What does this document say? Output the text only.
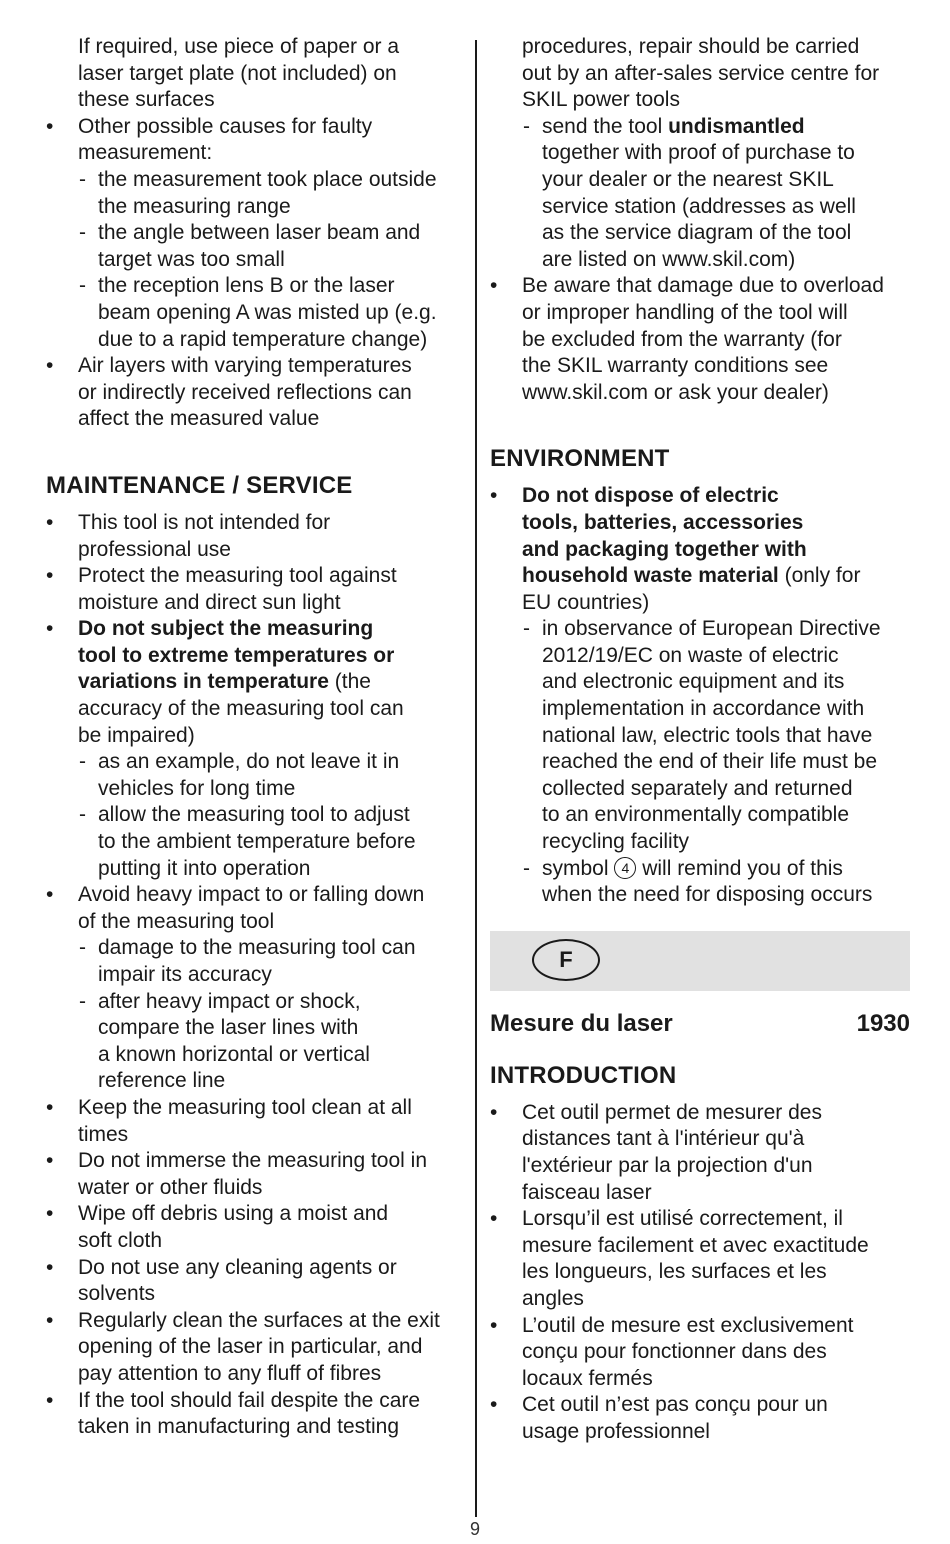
If required, use piece of paper or a
laser target plate (not included) on
these surfaces

• Other possible causes for faulty
measurement:
- the measurement took place outside
the measuring range
- the angle between laser beam and
target was too small
- the reception lens B or the laser
beam opening A was misted up (e.g.
due to a rapid temperature change)
• Air layers with varying temperatures
or indirectly received reflections can
affect the measured value
MAINTENANCE / SERVICE
• This tool is not intended for
professional use
• Protect the measuring tool against
moisture and direct sun light
• Do not subject the measuring
tool to extreme temperatures or
variations in temperature (the
accuracy of the measuring tool can
be impaired)
- as an example, do not leave it in
vehicles for long time
- allow the measuring tool to adjust
to the ambient temperature before
putting it into operation
• Avoid heavy impact to or falling down
of the measuring tool
- damage to the measuring tool can
impair its accuracy
- after heavy impact or shock,
compare the laser lines with
a known horizontal or vertical
reference line
• Keep the measuring tool clean at all
times
• Do not immerse the measuring tool in
water or other fluids
• Wipe off debris using a moist and
soft cloth
• Do not use any cleaning agents or
solvents
• Regularly clean the surfaces at the exit
opening of the laser in particular, and
pay attention to any fluff of fibres
• If the tool should fail despite the care
taken in manufacturing and testing

procedures, repair should be carried
out by an after-sales service centre for
SKIL power tools

- send the tool undismantled
together with proof of purchase to
your dealer or the nearest SKIL
service station (addresses as well
as the service diagram of the tool
are listed on www.skil.com)
• Be aware that damage due to overload
or improper handling of the tool will
be excluded from the warranty (for
the SKIL warranty conditions see
www.skil.com or ask your dealer)
ENVIRONMENT
• Do not dispose of electric
tools, batteries, accessories
and packaging together with
household waste material (only for
EU countries)
- in observance of European Directive
2012/19/EC on waste of electric
and electronic equipment and its
implementation in accordance with
national law, electric tools that have
reached the end of their life must be
collected separately and returned
to an environmentally compatible
recycling facility
- symbol 4 will remind you of this
when the need for disposing occurs
F
Mesure du laser	1930
INTRODUCTION
• Cet outil permet de mesurer des
distances tant à l'intérieur qu'à
l'extérieur par la projection d'un
faisceau laser
• Lorsqu’il est utilisé correctement, il
mesure facilement et avec exactitude
les longueurs, les surfaces et les
angles
• L’outil de mesure est exclusivement
conçu pour fonctionner dans des
locaux fermés
• Cet outil n’est pas conçu pour un
usage professionnel
9
